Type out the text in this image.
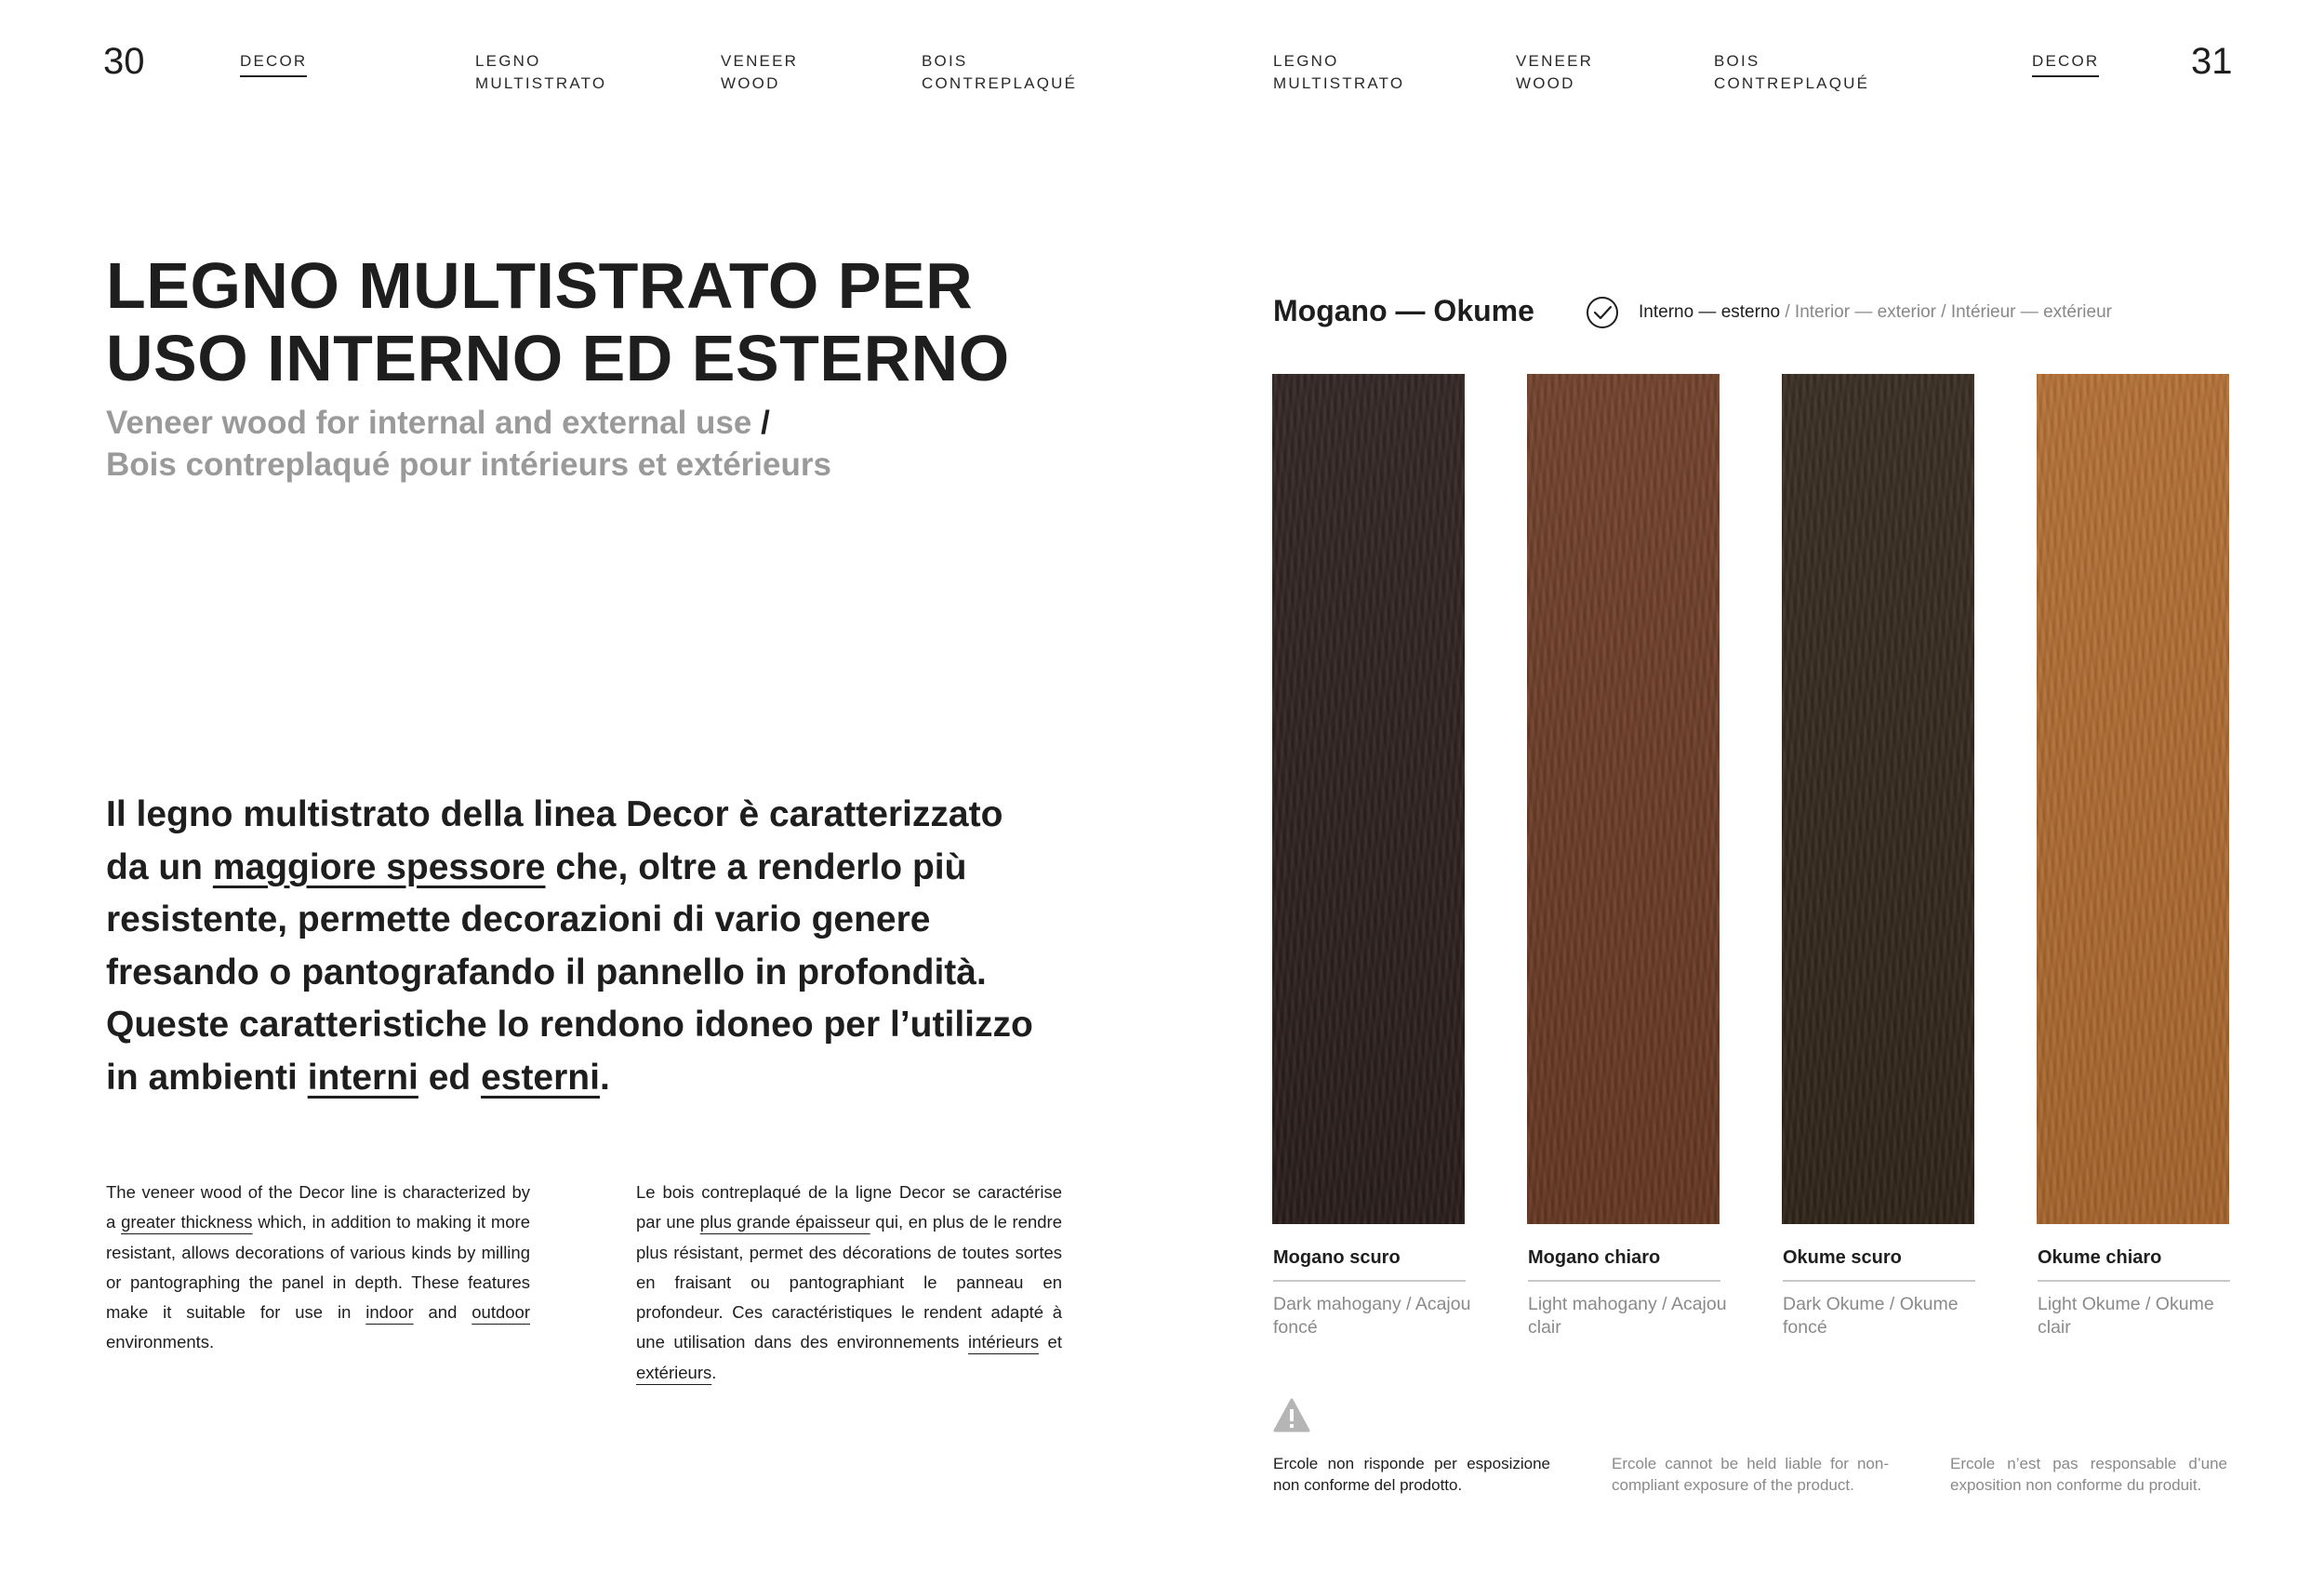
30	31
DECOR	LEGNO
MULTISTRATO
VENEER
WOOD
BOIS
CONTREPLAQUÉ
LEGNO
MULTISTRATO
VENEER
WOOD
BOIS
CONTREPLAQUÉ
DECOR
LEGNO MULTISTRATO PER
USO INTERNO ED ESTERNO
Veneer wood for internal and external use /
Bois contreplaqué pour intérieurs et extérieurs
Il legno multistrato della linea Decor è caratterizzato da un maggiore spessore che, oltre a renderlo più resistente, permette decorazioni di vario genere fresando o pantografando il pannello in profondità. Queste caratteristiche lo rendono idoneo per l’utilizzo in ambienti interni ed esterni.
The veneer wood of the Decor line is characterized by a greater thickness which, in addition to making it more resistant, allows decorations of various kinds by milling or pantographing the panel in depth. These features make it suitable for use in indoor and outdoor environments.
Le bois contreplaqué de la ligne Decor se caractérise par une plus grande épaisseur qui, en plus de le rendre plus résistant, permet des décorations de toutes sortes en fraisant ou pantographiant le panneau en profondeur. Ces caractéristiques le rendent adapté à une utilisation dans des environnements intérieurs et extérieurs.
Mogano — Okume	Interno — esterno / Interior — exterior / Intérieur — extérieur
Mogano scuro	Mogano chiaro	Okume scuro	Okume chiaro
Dark mahogany / Acajou foncé
Light mahogany / Acajou clair
Dark Okume / Okume foncé
Light Okume / Okume clair
Ercole non risponde per esposizione non conforme del prodotto.
Ercole cannot be held liable for non-compliant exposure of the product.
Ercole n’est pas responsable d’une exposition non conforme du produit.
